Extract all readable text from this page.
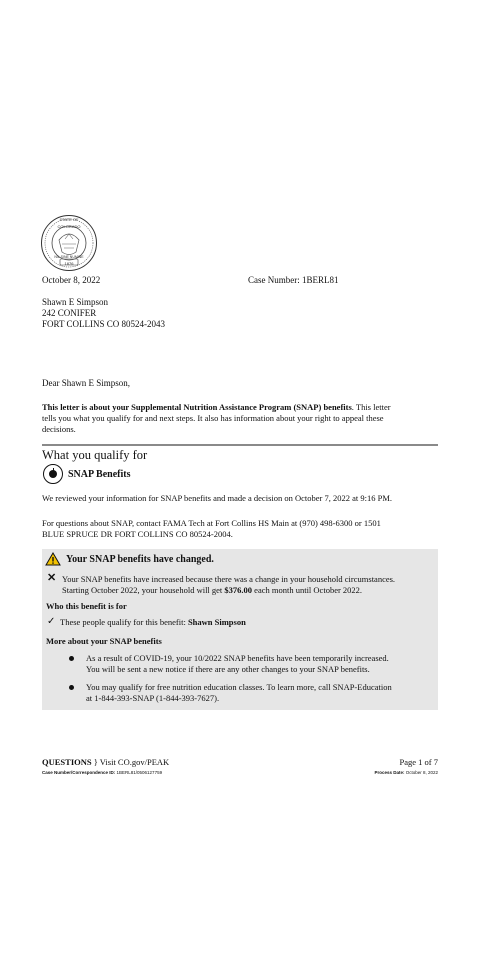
STATE OF COLORADO
NIL SINE NUMINE
1876
October 8, 2022	Case Number: 1BERL81
Shawn E Simpson
242 CONIFER
FORT COLLINS CO 80524-2043
Dear Shawn E Simpson,
This letter is about your Supplemental Nutrition Assistance Program (SNAP) benefits. This letter
tells you what you qualify for and next steps. It also has information about your right to appeal these
decisions.
What you qualify for
SNAP Benefits
We reviewed your information for SNAP benefits and made a decision on October 7, 2022 at 9:16 PM.
For questions about SNAP, contact FAMA Tech at Fort Collins HS Main at (970) 498-6300 or 1501
BLUE SPRUCE DR FORT COLLINS CO 80524-2004.
Your SNAP benefits have changed.
✕ Your SNAP benefits have increased because there was a change in your household circumstances.
Starting October 2022, your household will get $376.00 each month until October 2022.
Who this benefit is for
✓ These people qualify for this benefit: Shawn Simpson
More about your SNAP benefits
As a result of COVID-19, your 10/2022 SNAP benefits have been temporarily increased.
You will be sent a new notice if there are any other changes to your SNAP benefits.
You may qualify for free nutrition education classes. To learn more, call SNAP-Education
at 1-844-393-SNAP (1-844-393-7627).
QUESTIONS } Visit CO.gov/PEAK	Page 1 of 7
Case Number/Correspondence ID: 1BERL81/0506127759	Process Date: October 8, 2022
